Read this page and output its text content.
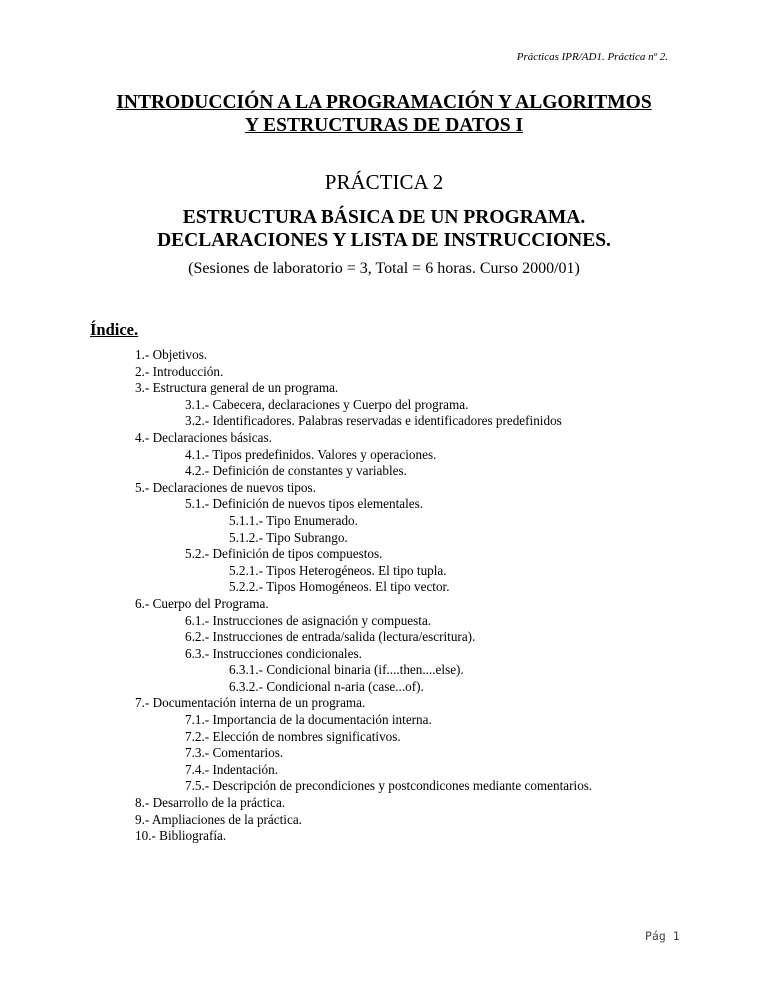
Prácticas IPR/AD1. Práctica nº 2.
INTRODUCCIÓN A LA PROGRAMACIÓN Y ALGORITMOS
Y ESTRUCTURAS DE DATOS I
PRÁCTICA 2
ESTRUCTURA BÁSICA DE UN PROGRAMA.
DECLARACIONES Y LISTA DE INSTRUCCIONES.
(Sesiones de laboratorio = 3, Total = 6 horas. Curso 2000/01)
Índice.
1.- Objetivos.
2.- Introducción.
3.- Estructura general de un programa.
3.1.- Cabecera, declaraciones y Cuerpo del programa.
3.2.- Identificadores. Palabras reservadas e identificadores predefinidos
4.- Declaraciones básicas.
4.1.- Tipos predefinidos. Valores y operaciones.
4.2.- Definición de constantes y variables.
5.- Declaraciones de nuevos tipos.
5.1.- Definición de nuevos tipos elementales.
5.1.1.- Tipo Enumerado.
5.1.2.- Tipo Subrango.
5.2.- Definición de tipos compuestos.
5.2.1.- Tipos Heterogéneos. El tipo tupla.
5.2.2.- Tipos Homogéneos. El tipo vector.
6.- Cuerpo del Programa.
6.1.- Instrucciones de asignación y compuesta.
6.2.- Instrucciones de entrada/salida (lectura/escritura).
6.3.- Instrucciones condicionales.
6.3.1.- Condicional binaria (if....then....else).
6.3.2.- Condicional n-aria (case...of).
7.- Documentación interna de un programa.
7.1.- Importancia de la documentación interna.
7.2.- Elección de nombres significativos.
7.3.- Comentarios.
7.4.- Indentación.
7.5.- Descripción de precondiciones y postcondicones mediante comentarios.
8.- Desarrollo de la práctica.
9.- Ampliaciones de la práctica.
10.- Bibliografía.
Pág 1
